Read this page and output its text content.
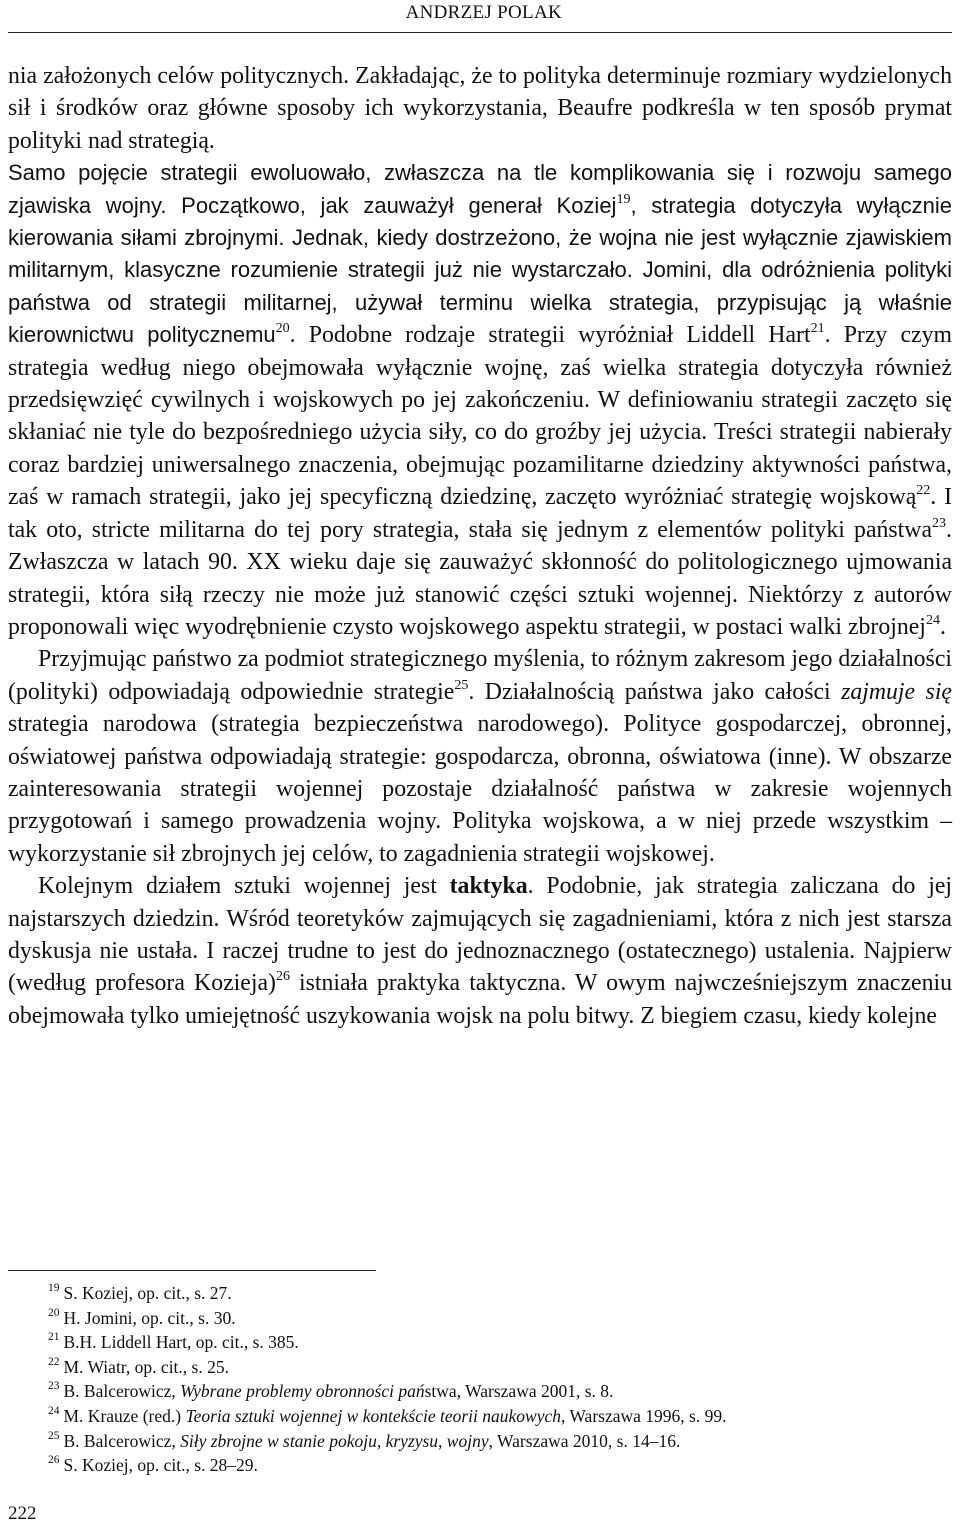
ANDRZEJ POLAK

nia założonych celów politycznych. Zakładając, że to polityka determinuje rozmiary wydzielonych sił i środków oraz główne sposoby ich wykorzystania, Beaufre podkreśla w ten sposób prymat polityki nad strategią.
Samo pojęcie strategii ewoluowało, zwłaszcza na tle komplikowania się i rozwoju samego zjawiska wojny. Początkowo, jak zauważył generał Koziej$^{19}$, strategia dotyczyła wyłącznie kierowania siłami zbrojnymi. Jednak, kiedy dostrzeżono, że wojna nie jest wyłącznie zjawiskiem militarnym, klasyczne rozumienie strategii już nie wystarczało. Jomini, dla odróżnienia polityki państwa od strategii militarnej, używał terminu wielka strategia, przypisując ją właśnie kierownictwu politycznemu$^{20}$. Podobne rodzaje strategii wyróżniał Liddell Hart$^{21}$. Przy czym strategia według niego obejmowała wyłącznie wojnę, zaś wielka strategia dotyczyła również przedsięwzięć cywilnych i wojskowych po jej zakończeniu. W definiowaniu strategii zaczęto się skłaniać nie tyle do bezpośredniego użycia siły, co do groźby jej użycia. Treści strategii nabierały coraz bardziej uniwersalnego znaczenia, obejmując pozamilitarne dziedziny aktywności państwa, zaś w ramach strategii, jako jej specyficzną dziedzinę, zaczęto wyróżniać strategię wojskową$^{22}$. I tak oto, stricte militarna do tej pory strategia, stała się jednym z elementów polityki państwa$^{23}$. Zwłaszcza w latach 90. XX wieku daje się zauważyć skłonność do politologicznego ujmowania strategii, która siłą rzeczy nie może już stanowić części sztuki wojennej. Niektórzy z autorów proponowali więc wyodrębnienie czysto wojskowego aspektu strategii, w postaci walki zbrojnej$^{24}$.

Przyjmując państwo za podmiot strategicznego myślenia, to różnym zakresom jego działalności (polityki) odpowiadają odpowiednie strategie$^{25}$. Działalnością państwa jako całości zajmuje się strategia narodowa (strategia bezpieczeństwa narodowego). Polityce gospodarczej, obronnej, oświatowej państwa odpowiadają strategie: gospodarcza, obronna, oświatowa (inne). W obszarze zainteresowania strategii wojennej pozostaje działalność państwa w zakresie wojennych przygotowań i samego prowadzenia wojny. Polityka wojskowa, a w niej przede wszystkim – wykorzystanie sił zbrojnych jej celów, to zagadnienia strategii wojskowej.

Kolejnym działem sztuki wojennej jest taktyka. Podobnie, jak strategia zaliczana do jej najstarszych dziedzin. Wśród teoretyków zajmujących się zagadnieniami, która z nich jest starsza dyskusja nie ustała. I raczej trudne to jest do jednoznacznego (ostatecznego) ustalenia. Najpierw (według profesora Kozieja)$^{26}$ istniała praktyka taktyczna. W owym najwcześniejszym znaczeniu obejmowała tylko umiejętność uszykowania wojsk na polu bitwy. Z biegiem czasu, kiedy kolejne

$^{19}$ S. Koziej, op. cit., s. 27.
$^{20}$ H. Jomini, op. cit., s. 30.
$^{21}$ B.H. Liddell Hart, op. cit., s. 385.
$^{22}$ M. Wiatr, op. cit., s. 25.
$^{23}$ B. Balcerowicz, Wybrane problemy obronności państwa, Warszawa 2001, s. 8.
$^{24}$ M. Krauze (red.) Teoria sztuki wojennej w kontekście teorii naukowych, Warszawa 1996, s. 99.
$^{25}$ B. Balcerowicz, Siły zbrojne w stanie pokoju, kryzysu, wojny, Warszawa 2010, s. 14–16.
$^{26}$ S. Koziej, op. cit., s. 28–29.
222
